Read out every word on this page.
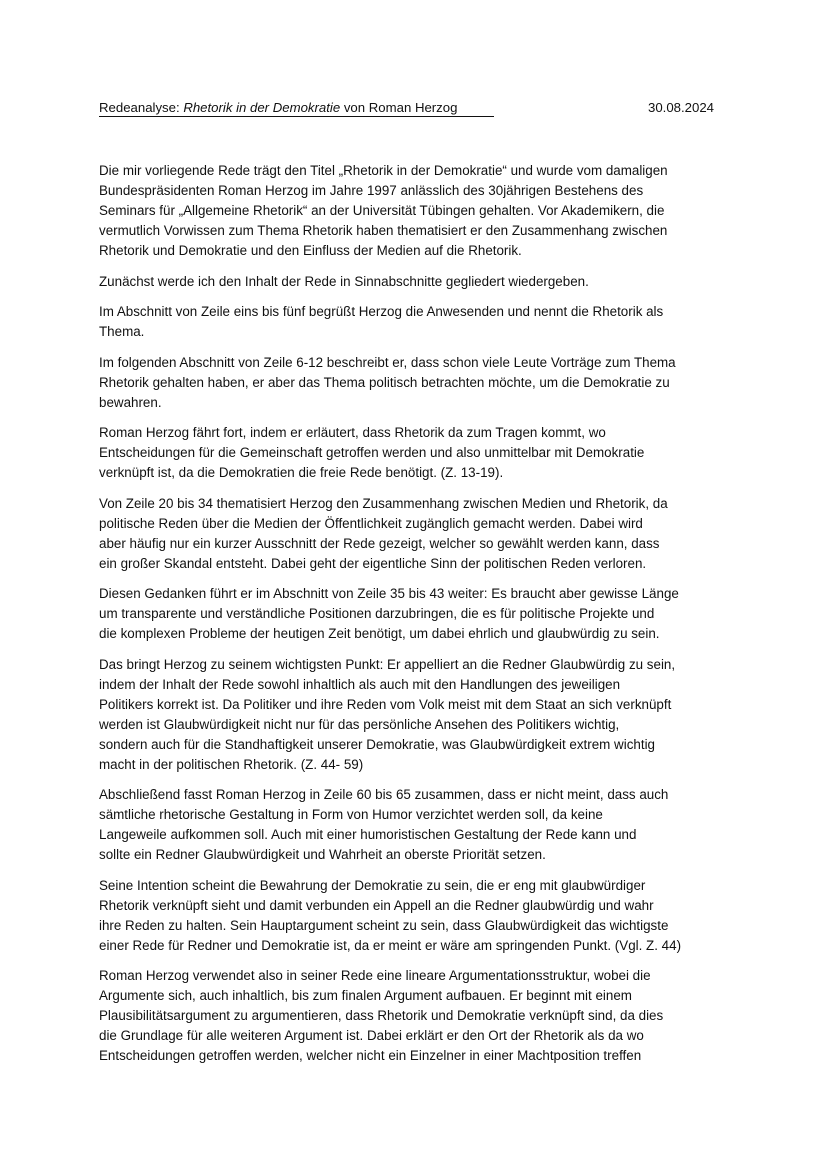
Redeanalyse: Rhetorik in der Demokratie von Roman Herzog	30.08.2024

Die mir vorliegende Rede trägt den Titel „Rhetorik in der Demokratie“ und wurde vom damaligen
Bundespräsidenten Roman Herzog im Jahre 1997 anlässlich des 30jährigen Bestehens des
Seminars für „Allgemeine Rhetorik“ an der Universität Tübingen gehalten. Vor Akademikern, die
vermutlich Vorwissen zum Thema Rhetorik haben thematisiert er den Zusammenhang zwischen
Rhetorik und Demokratie und den Einfluss der Medien auf die Rhetorik.

Zunächst werde ich den Inhalt der Rede in Sinnabschnitte gegliedert wiedergeben.

Im Abschnitt von Zeile eins bis fünf begrüßt Herzog die Anwesenden und nennt die Rhetorik als
Thema.

Im folgenden Abschnitt von Zeile 6-12 beschreibt er, dass schon viele Leute Vorträge zum Thema
Rhetorik gehalten haben, er aber das Thema politisch betrachten möchte, um die Demokratie zu
bewahren.

Roman Herzog fährt fort, indem er erläutert, dass Rhetorik da zum Tragen kommt, wo
Entscheidungen für die Gemeinschaft getroffen werden und also unmittelbar mit Demokratie
verknüpft ist, da die Demokratien die freie Rede benötigt. (Z. 13-19).

Von Zeile 20 bis 34 thematisiert Herzog den Zusammenhang zwischen Medien und Rhetorik, da
politische Reden über die Medien der Öffentlichkeit zugänglich gemacht werden. Dabei wird
aber häufig nur ein kurzer Ausschnitt der Rede gezeigt, welcher so gewählt werden kann, dass
ein großer Skandal entsteht. Dabei geht der eigentliche Sinn der politischen Reden verloren.

Diesen Gedanken führt er im Abschnitt von Zeile 35 bis 43 weiter: Es braucht aber gewisse Länge
um transparente und verständliche Positionen darzubringen, die es für politische Projekte und
die komplexen Probleme der heutigen Zeit benötigt, um dabei ehrlich und glaubwürdig zu sein.

Das bringt Herzog zu seinem wichtigsten Punkt: Er appelliert an die Redner Glaubwürdig zu sein,
indem der Inhalt der Rede sowohl inhaltlich als auch mit den Handlungen des jeweiligen
Politikers korrekt ist. Da Politiker und ihre Reden vom Volk meist mit dem Staat an sich verknüpft
werden ist Glaubwürdigkeit nicht nur für das persönliche Ansehen des Politikers wichtig,
sondern auch für die Standhaftigkeit unserer Demokratie, was Glaubwürdigkeit extrem wichtig
macht in der politischen Rhetorik. (Z. 44- 59)

Abschließend fasst Roman Herzog in Zeile 60 bis 65 zusammen, dass er nicht meint, dass auch
sämtliche rhetorische Gestaltung in Form von Humor verzichtet werden soll, da keine
Langeweile aufkommen soll. Auch mit einer humoristischen Gestaltung der Rede kann und
sollte ein Redner Glaubwürdigkeit und Wahrheit an oberste Priorität setzen.

Seine Intention scheint die Bewahrung der Demokratie zu sein, die er eng mit glaubwürdiger
Rhetorik verknüpft sieht und damit verbunden ein Appell an die Redner glaubwürdig und wahr
ihre Reden zu halten. Sein Hauptargument scheint zu sein, dass Glaubwürdigkeit das wichtigste
einer Rede für Redner und Demokratie ist, da er meint er wäre am springenden Punkt. (Vgl. Z. 44)

Roman Herzog verwendet also in seiner Rede eine lineare Argumentationsstruktur, wobei die
Argumente sich, auch inhaltlich, bis zum finalen Argument aufbauen. Er beginnt mit einem
Plausibilitätsargument zu argumentieren, dass Rhetorik und Demokratie verknüpft sind, da dies
die Grundlage für alle weiteren Argument ist. Dabei erklärt er den Ort der Rhetorik als da wo
Entscheidungen getroffen werden, welcher nicht ein Einzelner in einer Machtposition treffen
